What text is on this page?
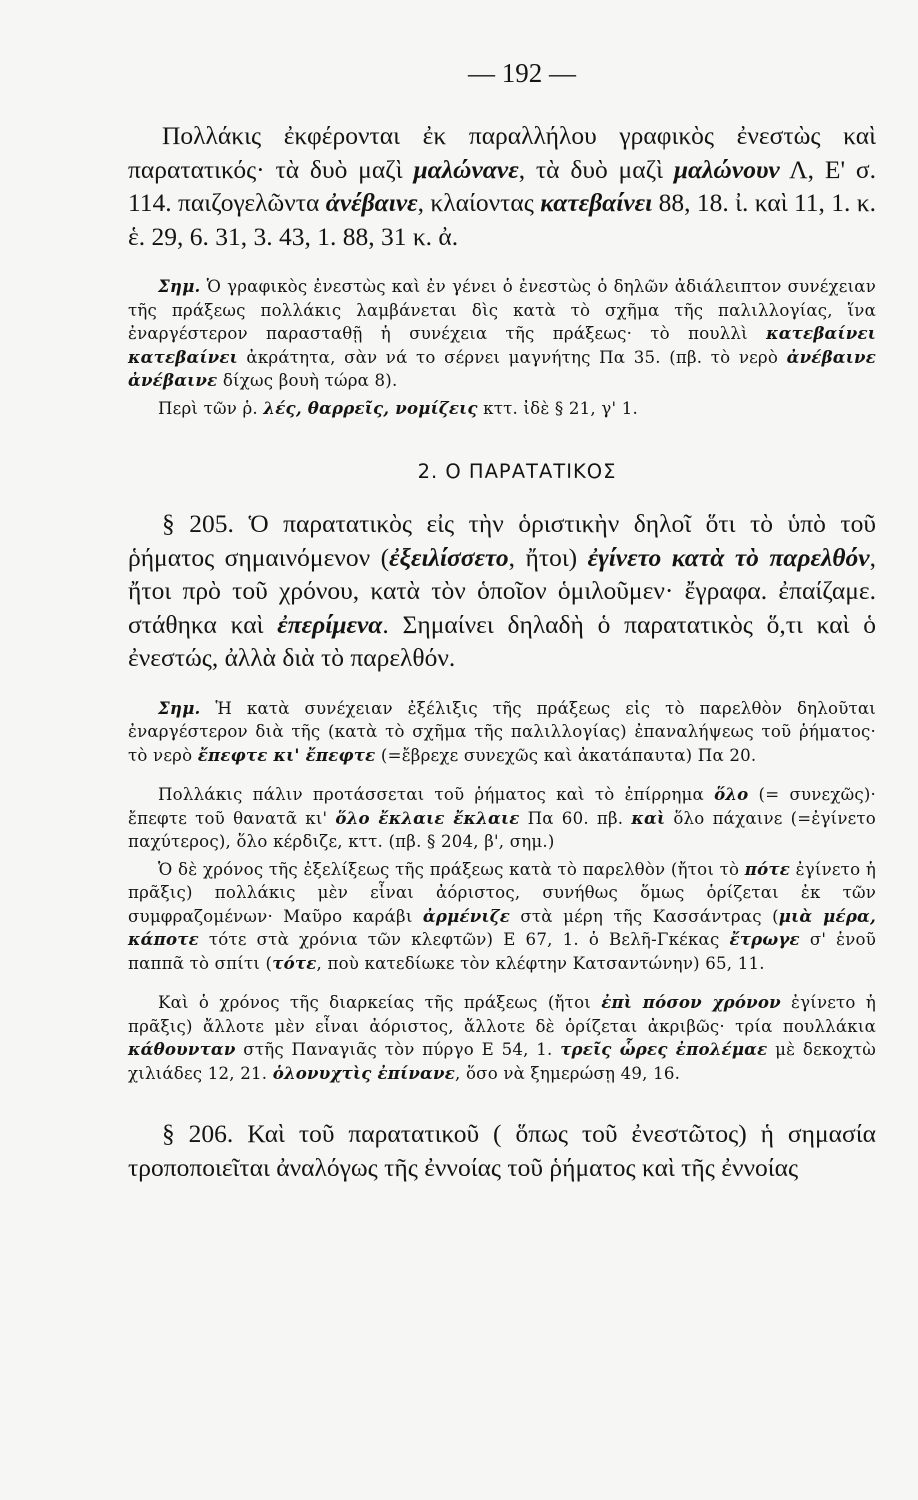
— 192 —

Πολλάκις ἐκφέρονται ἐκ παραλλήλου γραφικὸς ἐνεστὼς καὶ παρατατικός· τὰ δυὸ μαζὶ μαλώνανε, τὰ δυὸ μαζὶ μαλώνουν Λ, Ε' σ. 114. παιζογελῶντα ἀνέβαινε, κλαίοντας κατεβαίνει 88, 18. ἰ. καὶ 11, 1. κ. ἑ. 29, 6. 31, 3. 43, 1. 88, 31 κ. ἀ.

Σημ. Ὁ γραφικὸς ἐνεστὼς καὶ ἐν γένει ὁ ἐνεστὼς ὁ δηλῶν ἀδιάλειπτον συνέχειαν τῆς πράξεως πολλάκις λαμβάνεται δὶς κατὰ τὸ σχῆμα τῆς παλιλλογίας, ἵνα ἐναργέστερον παρασταθῇ ἡ συνέχεια τῆς πράξεως· τὸ πουλλὶ κατεβαίνει κατεβαίνει ἀκράτητα, σὰν νά το σέρνει μαγνήτης Πα 35. (πβ. τὸ νερὸ ἀνέβαινε ἀνέβαινε δίχως βουὴ τώρα 8).

Περὶ τῶν ῥ. λές, θαρρεῖς, νομίζεις κττ. ἰδὲ § 21, γ' 1.

2. Ο ΠΑΡΑΤΑΤΙΚΟΣ

§ 205. Ὁ παρατατικὸς εἰς τὴν ὁριστικὴν δηλοῖ ὅτι τὸ ὑπὸ τοῦ ῥήματος σημαινόμενον (ἐξειλίσσετο, ἤτοι) ἐγίνετο κατὰ τὸ παρελθόν, ἤτοι πρὸ τοῦ χρόνου, κατὰ τὸν ὁποῖον ὁμιλοῦμεν· ἔγραφα. ἐπαίζαμε. στάθηκα καὶ ἐπερίμενα. Σημαίνει δηλαδὴ ὁ παρατατικὸς ὅ,τι καὶ ὁ ἐνεστώς, ἀλλὰ διὰ τὸ παρελθόν.

Σημ. Ἡ κατὰ συνέχειαν ἐξέλιξις τῆς πράξεως εἰς τὸ παρελθὸν δηλοῦται ἐναργέστερον διὰ τῆς (κατὰ τὸ σχῆμα τῆς παλιλλογίας) ἐπαναλήψεως τοῦ ῥήματος· τὸ νερὸ ἔπεφτε κι' ἔπεφτε (=ἔβρεχε συνεχῶς καὶ ἀκατάπαυτα) Πα 20.

Πολλάκις πάλιν προτάσσεται τοῦ ῥήματος καὶ τὸ ἐπίρρημα ὅλο (= συνεχῶς)· ἔπεφτε τοῦ θανατᾶ κι' ὅλο ἔκλαιε ἔκλαιε Πα 60. πβ. καὶ ὅλο πάχαινε (=ἐγίνετο παχύτερος), ὅλο κέρδιζε, κττ. (πβ. § 204, β', σημ.)

Ὁ δὲ χρόνος τῆς ἐξελίξεως τῆς πράξεως κατὰ τὸ παρελθὸν (ἤτοι τὸ πότε ἐγίνετο ἡ πρᾶξις) πολλάκις μὲν εἶναι ἀόριστος, συνήθως ὅμως ὁρίζεται ἐκ τῶν συμφραζομένων· Μαῦρο καράβι ἀρμένιζε στὰ μέρη τῆς Κασσάντρας (μιὰ μέρα, κάποτε τότε στὰ χρόνια τῶν κλεφτῶν) Ε 67, 1. ὁ Βελῆ-Γκέκας ἔτρωγε σ' ἑνοῦ παππᾶ τὸ σπίτι (τότε, ποὺ κατεδίωκε τὸν κλέφτην Κατσαντώνην) 65, 11.

Καὶ ὁ χρόνος τῆς διαρκείας τῆς πράξεως (ἤτοι ἐπὶ πόσον χρόνον ἐγίνετο ἡ πρᾶξις) ἄλλοτε μὲν εἶναι ἀόριστος, ἄλλοτε δὲ ὁρίζεται ἀκριβῶς· τρία πουλλάκια κάθουνταν στῆς Παναγιᾶς τὸν πύργο Ε 54, 1. τρεῖς ὧρες ἐπολέμαε μὲ δεκοχτὼ χιλιάδες 12, 21. ὁλονυχτὶς ἐπίνανε, ὅσο νὰ ξημερώσῃ 49, 16.

§ 206. Καὶ τοῦ παρατατικοῦ ( ὅπως τοῦ ἐνεστῶτος) ἡ σημασία τροποποιεῖται ἀναλόγως τῆς ἐννοίας τοῦ ῥήματος καὶ τῆς ἐννοίας
